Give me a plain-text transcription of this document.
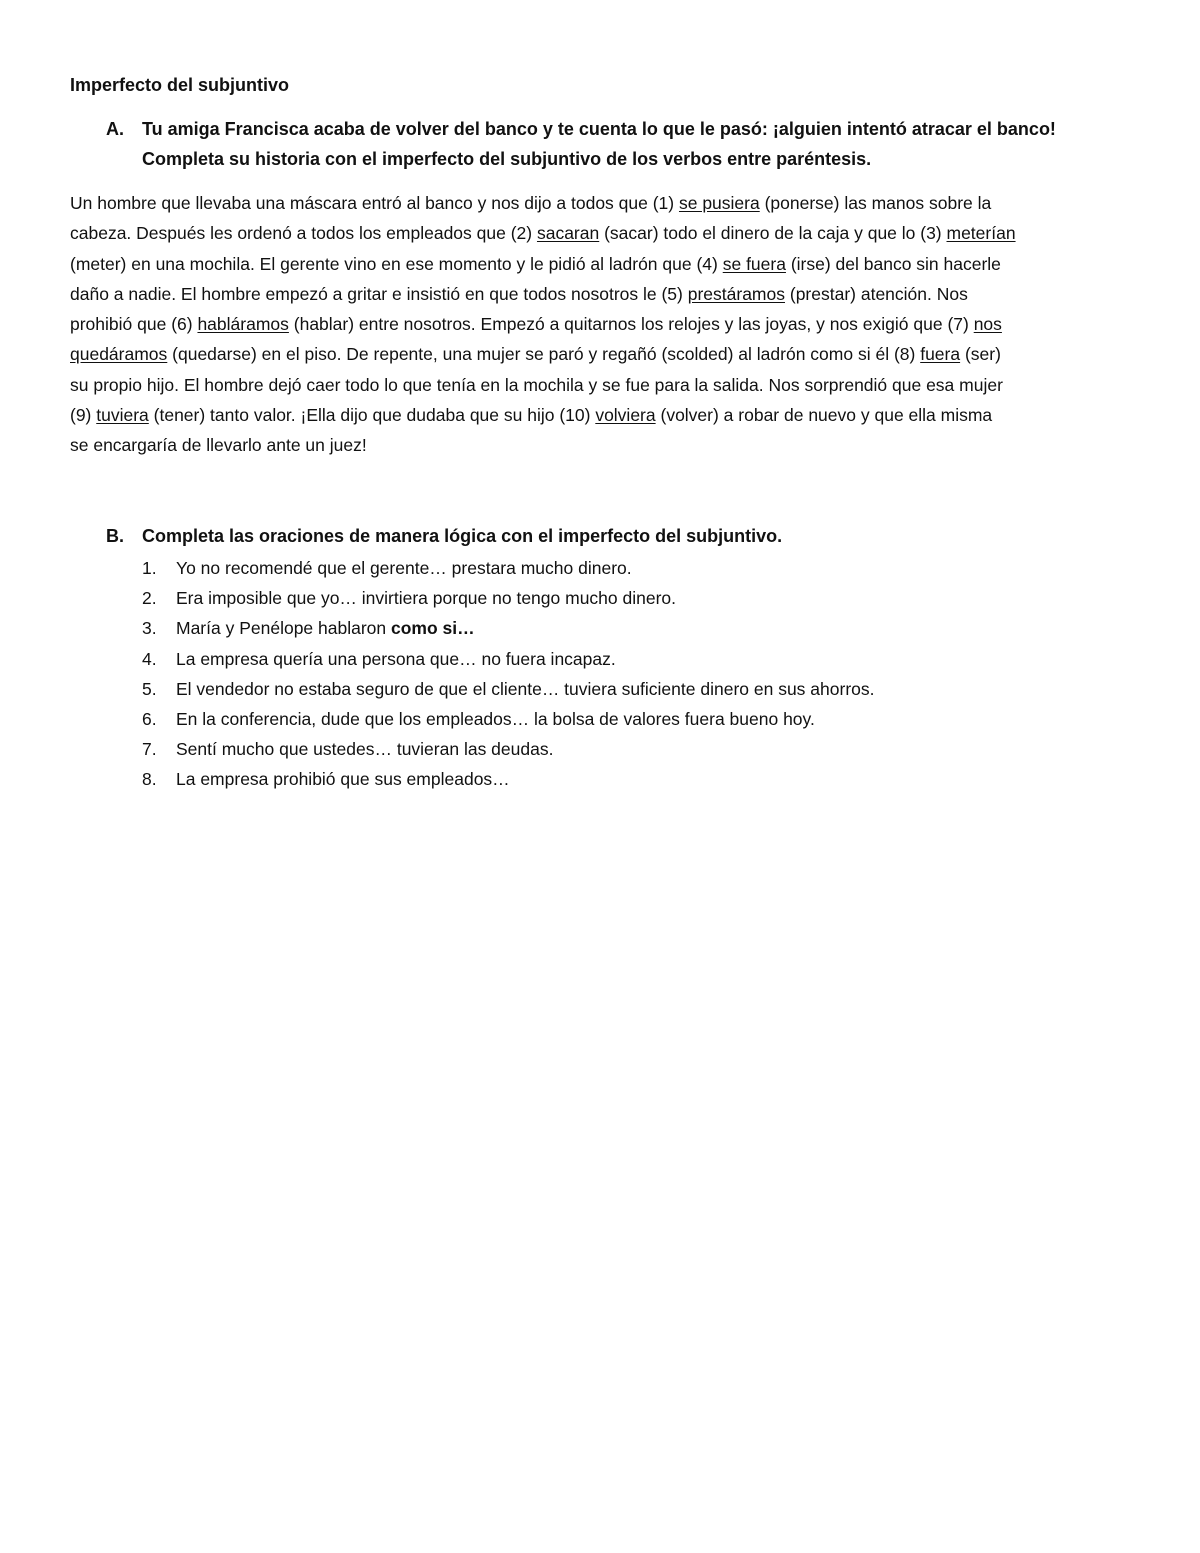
Imperfecto del subjuntivo
A. Tu amiga Francisca acaba de volver del banco y te cuenta lo que le pasó: ¡alguien intentó atracar el banco!
Completa su historia con el imperfecto del subjuntivo de los verbos entre paréntesis.
Un hombre que llevaba una máscara entró al banco y nos dijo a todos que (1) se pusiera (ponerse) las manos sobre la
cabeza. Después les ordenó a todos los empleados que (2) sacaran (sacar) todo el dinero de la caja y que lo (3) meterían
(meter) en una mochila. El gerente vino en ese momento y le pidió al ladrón que (4) se fuera (irse) del banco sin hacerle
daño a nadie. El hombre empezó a gritar e insistió en que todos nosotros le (5) prestáramos (prestar) atención. Nos
prohibió que (6) habláramos (hablar) entre nosotros. Empezó a quitarnos los relojes y las joyas, y nos exigió que (7) nos
quedáramos (quedarse) en el piso. De repente, una mujer se paró y regañó (scolded) al ladrón como si él (8) fuera (ser)
su propio hijo. El hombre dejó caer todo lo que tenía en la mochila y se fue para la salida. Nos sorprendió que esa mujer
(9) tuviera (tener) tanto valor. ¡Ella dijo que dudaba que su hijo (10) volviera (volver) a robar de nuevo y que ella misma
se encargaría de llevarlo ante un juez!
B. Completa las oraciones de manera lógica con el imperfecto del subjuntivo.
1. Yo no recomendé que el gerente… prestara mucho dinero.
2. Era imposible que yo… invirtiera porque no tengo mucho dinero.
3. María y Penélope hablaron como si…
4. La empresa quería una persona que… no fuera incapaz.
5. El vendedor no estaba seguro de que el cliente… tuviera suficiente dinero en sus ahorros.
6. En la conferencia, dude que los empleados… la bolsa de valores fuera bueno hoy.
7. Sentí mucho que ustedes… tuvieran las deudas.
8. La empresa prohibió que sus empleados…
